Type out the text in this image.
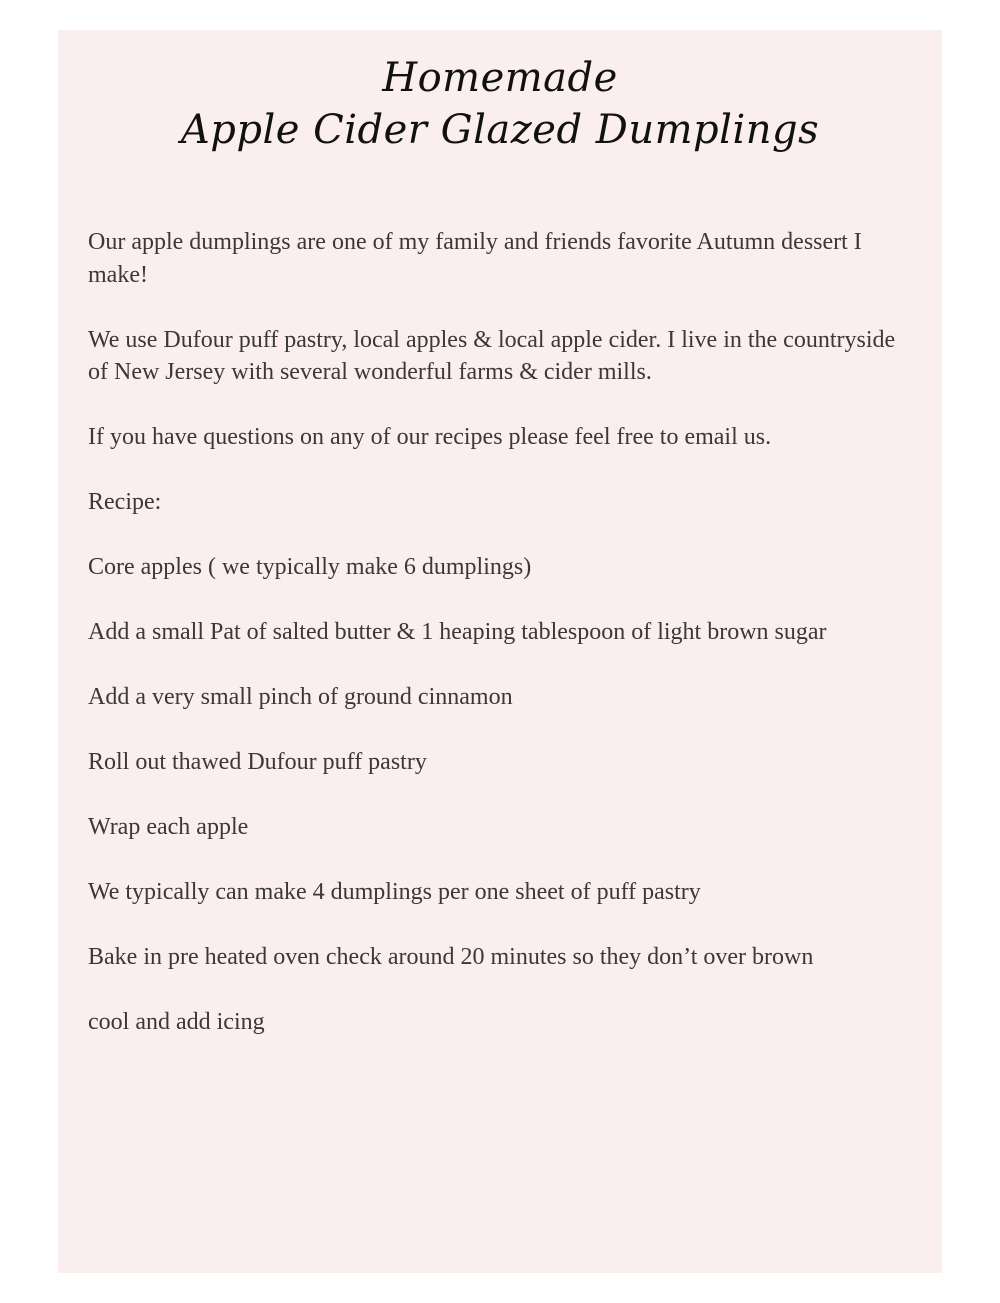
Homemade
Apple Cider Glazed Dumplings

Our apple dumplings are one of my family and friends favorite Autumn dessert I make!

We use Dufour puff pastry, local apples & local apple cider. I live in the countryside of New Jersey with several wonderful farms & cider mills.

If you have questions on any of our recipes please feel free to email us.

Recipe:

Core apples ( we typically make 6 dumplings)

Add a small Pat of salted butter & 1 heaping tablespoon of light brown sugar

Add a very small pinch of ground cinnamon

Roll out thawed Dufour puff pastry

Wrap each apple

We typically can make 4 dumplings per one sheet of puff pastry

Bake in pre heated oven check around 20 minutes so they don’t over brown

cool and add icing
